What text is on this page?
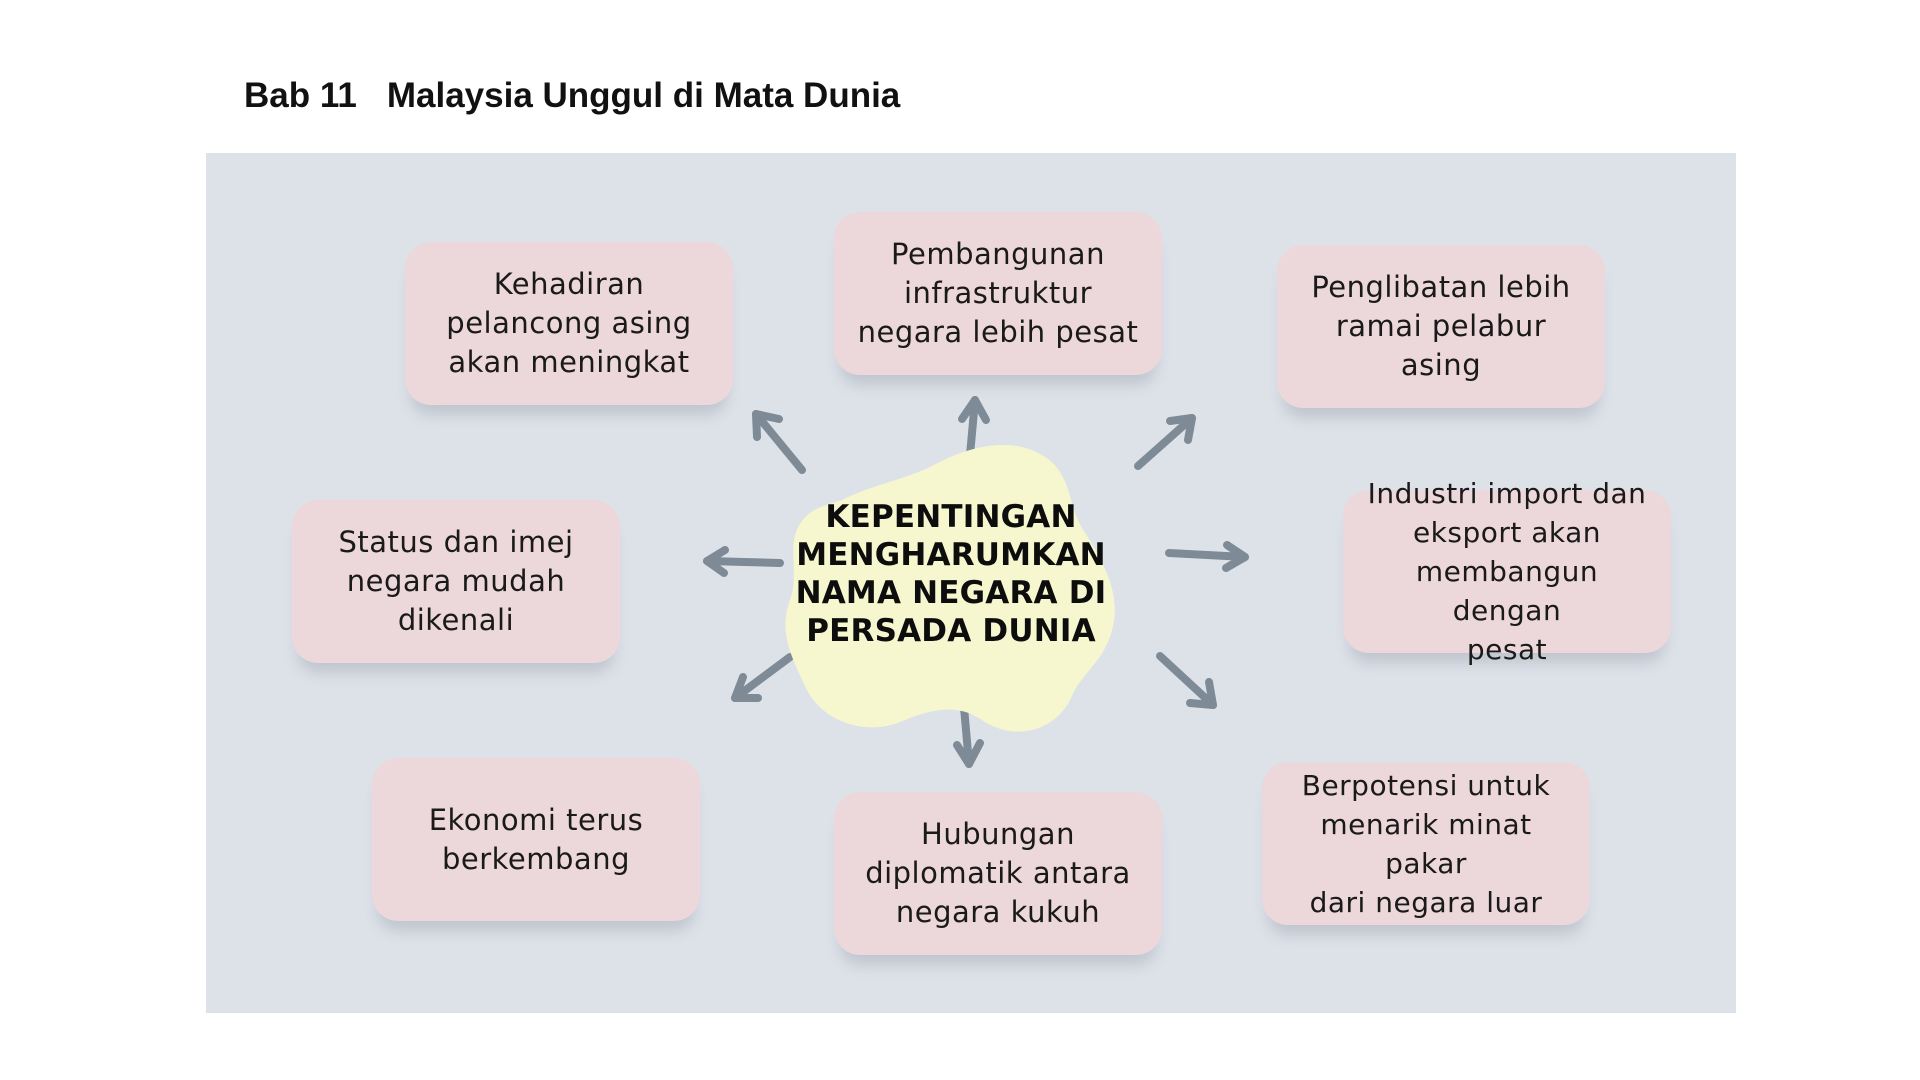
Bab 11 Malaysia Unggul di Mata Dunia
KEPENTINGAN
MENGHARUMKAN
NAMA NEGARA DI
PERSADA DUNIA
Kehadiran
pelancong asing
akan meningkat
Pembangunan
infrastruktur
negara lebih pesat
Penglibatan lebih
ramai pelabur asing
Status dan imej
negara mudah
dikenali
Industri import dan
eksport akan
membangun dengan
pesat
Ekonomi terus
berkembang
Hubungan
diplomatik antara
negara kukuh
Berpotensi untuk
menarik minat pakar
dari negara luar
